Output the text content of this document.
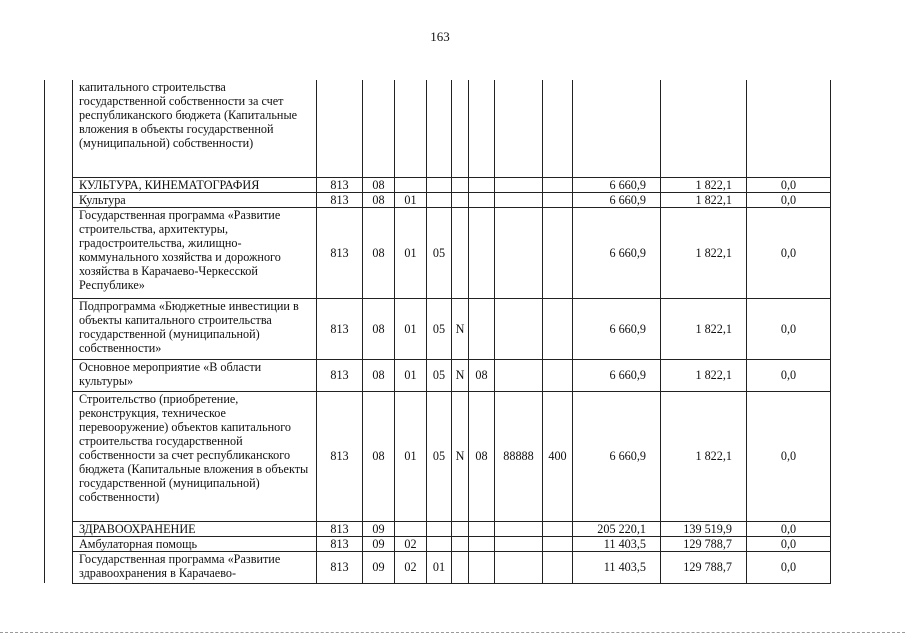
163
	капитального строительства государственной собственности за счет республиканского бюджета (Капитальные вложения в объекты государственной (муниципальной) собственности)											
	КУЛЬТУРА, КИНЕМАТОГРАФИЯ	813	08							6 660,9	1 822,1	0,0
	Культура	813	08	01						6 660,9	1 822,1	0,0
	Государственная программа «Развитие строительства, архитектуры, градостроительства, жилищно-коммунального хозяйства и дорожного хозяйства в Карачаево-Черкесской Республике»	813	08	01	05					6 660,9	1 822,1	0,0
	Подпрограмма «Бюджетные инвестиции в объекты капитального строительства государственной (муниципальной) собственности»	813	08	01	05	N				6 660,9	1 822,1	0,0
	Основное мероприятие «В области культуры»	813	08	01	05	N	08			6 660,9	1 822,1	0,0
	Строительство (приобретение, реконструкция, техническое перевооружение) объектов капитального строительства государственной собственности за счет республиканского бюджета (Капитальные вложения в объекты государственной (муниципальной) собственности)	813	08	01	05	N	08	88888	400	6 660,9	1 822,1	0,0
	ЗДРАВООХРАНЕНИЕ	813	09							205 220,1	139 519,9	0,0
	Амбулаторная помощь	813	09	02						11 403,5	129 788,7	0,0
	Государственная программа «Развитие здравоохранения в Карачаево-	813	09	02	01					11 403,5	129 788,7	0,0
